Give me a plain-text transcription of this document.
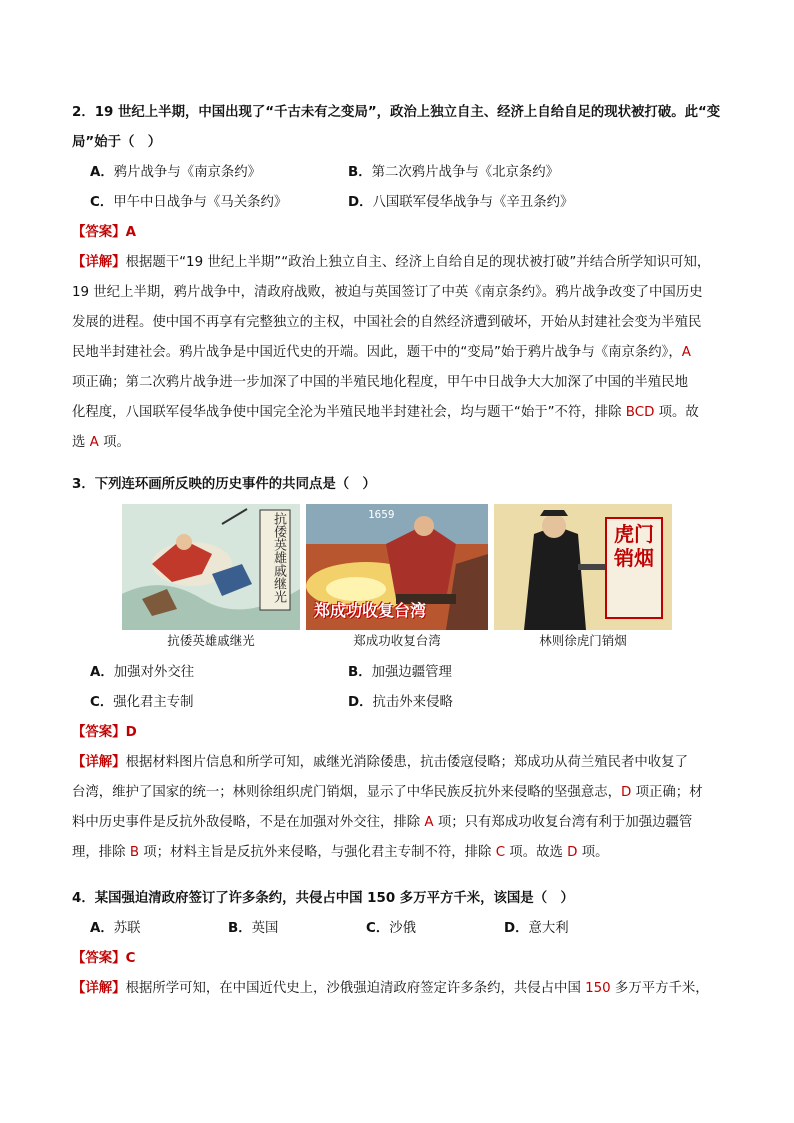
2．19 世纪上半期，中国出现了“千古未有之变局”，政治上独立自主、经济上自给自足的现状被打破。此“变

局”始于（　）

A．鸦片战争与《南京条约》	B．第二次鸦片战争与《北京条约》
C．甲午中日战争与《马关条约》	D．八国联军侵华战争与《辛丑条约》

【答案】A

【详解】根据题干“19 世纪上半期”“政治上独立自主、经济上自给自足的现状被打破”并结合所学知识可知，

19 世纪上半期，鸦片战争中，清政府战败，被迫与英国签订了中英《南京条约》。鸦片战争改变了中国历史

发展的进程。使中国不再享有完整独立的主权，中国社会的自然经济遭到破坏，开始从封建社会变为半殖民

民地半封建社会。鸦片战争是中国近代史的开端。因此，题干中的“变局”始于鸦片战争与《南京条约》，A

项正确；第二次鸦片战争进一步加深了中国的半殖民地化程度，甲午中日战争大大加深了中国的半殖民地

化程度，八国联军侵华战争使中国完全沦为半殖民地半封建社会，均与题干“始于”不符，排除 BCD 项。故

选 A 项。

3．下列连环画所反映的历史事件的共同点是（　）

抗倭英雄戚继光
抗倭英雄戚继光
1659
郑成功收复台湾
郑成功收复台湾
虎门销烟
林则徐虎门销烟
A．加强对外交往	B．加强边疆管理
C．强化君主专制	D．抗击外来侵略

【答案】D

【详解】根据材料图片信息和所学可知，戚继光消除倭患，抗击倭寇侵略；郑成功从荷兰殖民者中收复了

台湾，维护了国家的统一；林则徐组织虎门销烟，显示了中华民族反抗外来侵略的坚强意志，D 项正确；材

料中历史事件是反抗外敌侵略，不是在加强对外交往，排除 A 项；只有郑成功收复台湾有利于加强边疆管

理，排除 B 项；材料主旨是反抗外来侵略，与强化君主专制不符，排除 C 项。故选 D 项。

4．某国强迫清政府签订了许多条约，共侵占中国 150 多万平方千米，该国是（　）

A．苏联	B．英国	C．沙俄	D．意大利

【答案】C

【详解】根据所学可知，在中国近代史上，沙俄强迫清政府签定许多条约，共侵占中国 150 多万平方千米，
